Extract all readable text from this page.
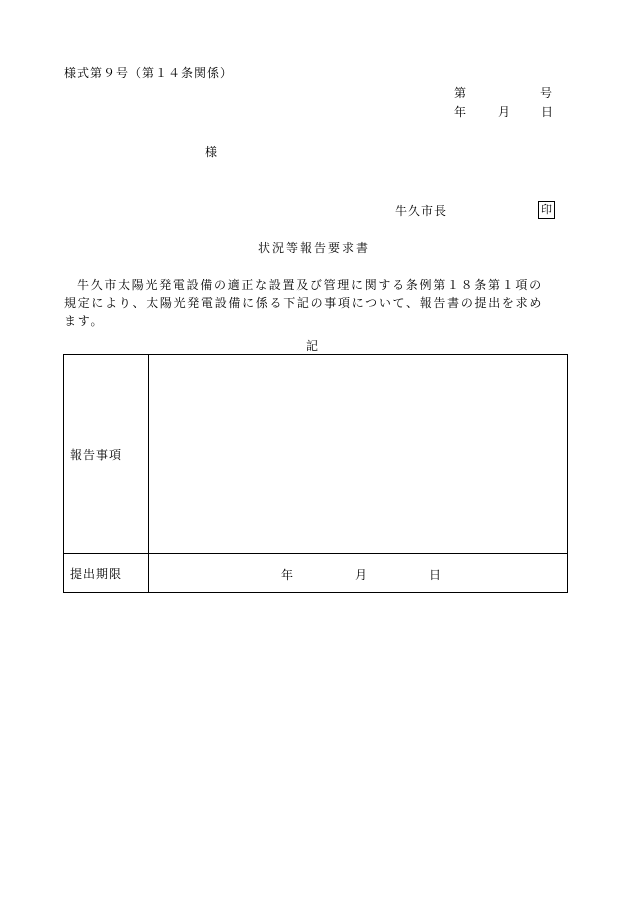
様式第９号（第１４条関係）
第	号
年	月 日
様
牛久市長	印
状況等報告要求書

牛久市太陽光発電設備の適正な設置及び管理に関する条例第１８条第１項の規定により、太陽光発電設備に係る下記の事項について、報告書の提出を求めます。

記
報告事項	
提出期限	年 月 日
